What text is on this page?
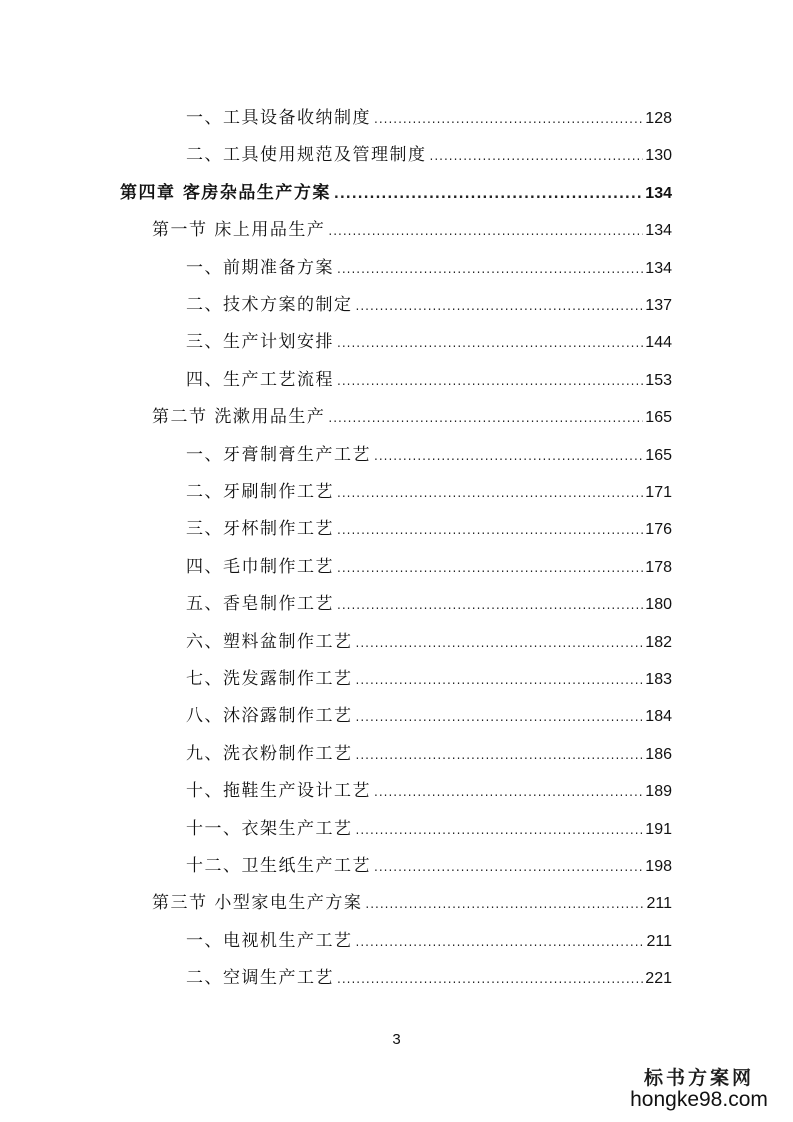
一、工具设备收纳制度 .....	128
二、工具使用规范及管理制度 .....	130
第四章 客房杂品生产方案 .....	134
第一节 床上用品生产 .....	134
一、前期准备方案 .....	134
二、技术方案的制定 .....	137
三、生产计划安排 .....	144
四、生产工艺流程 .....	153
第二节 洗漱用品生产 .....	165
一、牙膏制膏生产工艺 .....	165
二、牙刷制作工艺 .....	171
三、牙杯制作工艺 .....	176
四、毛巾制作工艺 .....	178
五、香皂制作工艺 .....	180
六、塑料盆制作工艺 .....	182
七、洗发露制作工艺 .....	183
八、沐浴露制作工艺 .....	184
九、洗衣粉制作工艺 .....	186
十、拖鞋生产设计工艺 .....	189
十一、衣架生产工艺 .....	191
十二、卫生纸生产工艺 .....	198
第三节 小型家电生产方案 .....	211
一、电视机生产工艺 .....	211
二、空调生产工艺 .....	221
3
标书方案网
hongke98.com
